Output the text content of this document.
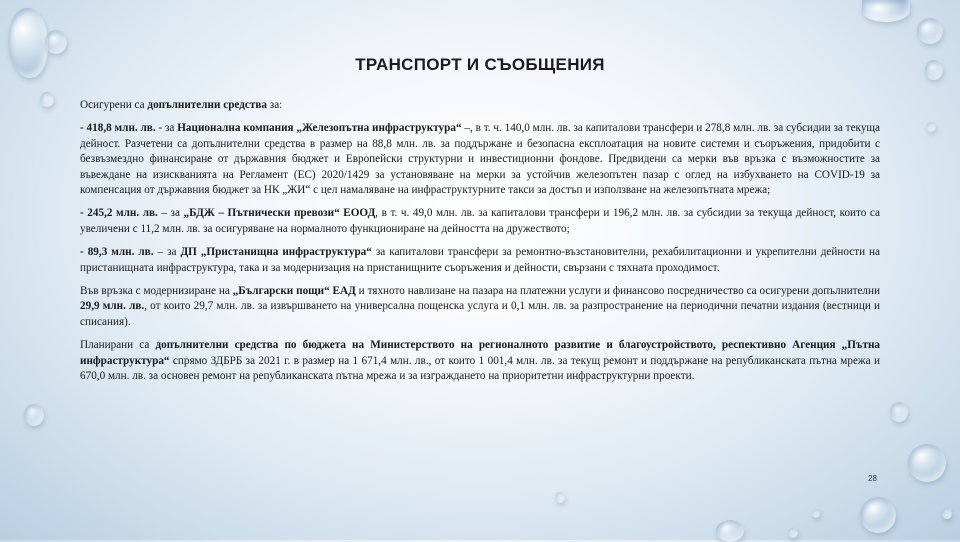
ТРАНСПОРТ И СЪОБЩЕНИЯ

Осигурени са допълнителни средства за:

- 418,8 млн. лв. - за Национална компания „Железопътна инфраструктура“ –, в т. ч. 140,0 млн. лв. за капиталови трансфери и 278,8 млн. лв. за субсидии за текуща дейност. Разчетени са допълнителни средства в размер на 88,8 млн. лв. за поддържане и безопасна експлоатация на новите системи и съоръжения, придобити с безвъзмездно финансиране от държавния бюджет и Европейски структурни и инвестиционни фондове. Предвидени са мерки във връзка с възможностите за въвеждане на изискванията на Регламент (ЕС) 2020/1429 за установяване на мерки за устойчив железопътен пазар с оглед на избухването на COVID-19 за компенсация от държавния бюджет за НК „ЖИ“ с цел намаляване на инфраструктурните такси за достъп и използване на железопътната мрежа;

- 245,2 млн. лв. – за „БДЖ – Пътнически превози“ ЕООД, в т. ч. 49,0 млн. лв. за капиталови трансфери и 196,2 млн. лв. за субсидии за текуща дейност, които са увеличени с 11,2 млн. лв. за осигуряване на нормалното функциониране на дейността на дружеството;

- 89,3 млн. лв. – за ДП „Пристанищна инфраструктура“ за капиталови трансфери за ремонтно-възстановителни, рехабилитационни и укрепителни дейности на пристанищната инфраструктура, така и за модернизация на пристанищните съоръжения и дейности, свързани с тяхната проходимост.

Във връзка с модернизиране на „Български пощи“ ЕАД и тяхното навлизане на пазара на платежни услуги и финансово посредничество са осигурени допълнителни 29,9 млн. лв., от които 29,7 млн. лв. за извършването на универсална пощенска услуга и 0,1 млн. лв. за разпространение на периодични печатни издания (вестници и списания).

Планирани са допълнителни средства по бюджета на Министерството на регионалното развитие и благоустройството, респективно Агенция „Пътна инфраструктура“ спрямо ЗДБРБ за 2021 г. в размер на 1 671,4 млн. лв., от които 1 001,4 млн. лв. за текущ ремонт и поддържане на републиканската пътна мрежа и 670,0 млн. лв. за основен ремонт на републиканската пътна мрежа и за изграждането на приоритетни инфраструктурни проекти.

28
